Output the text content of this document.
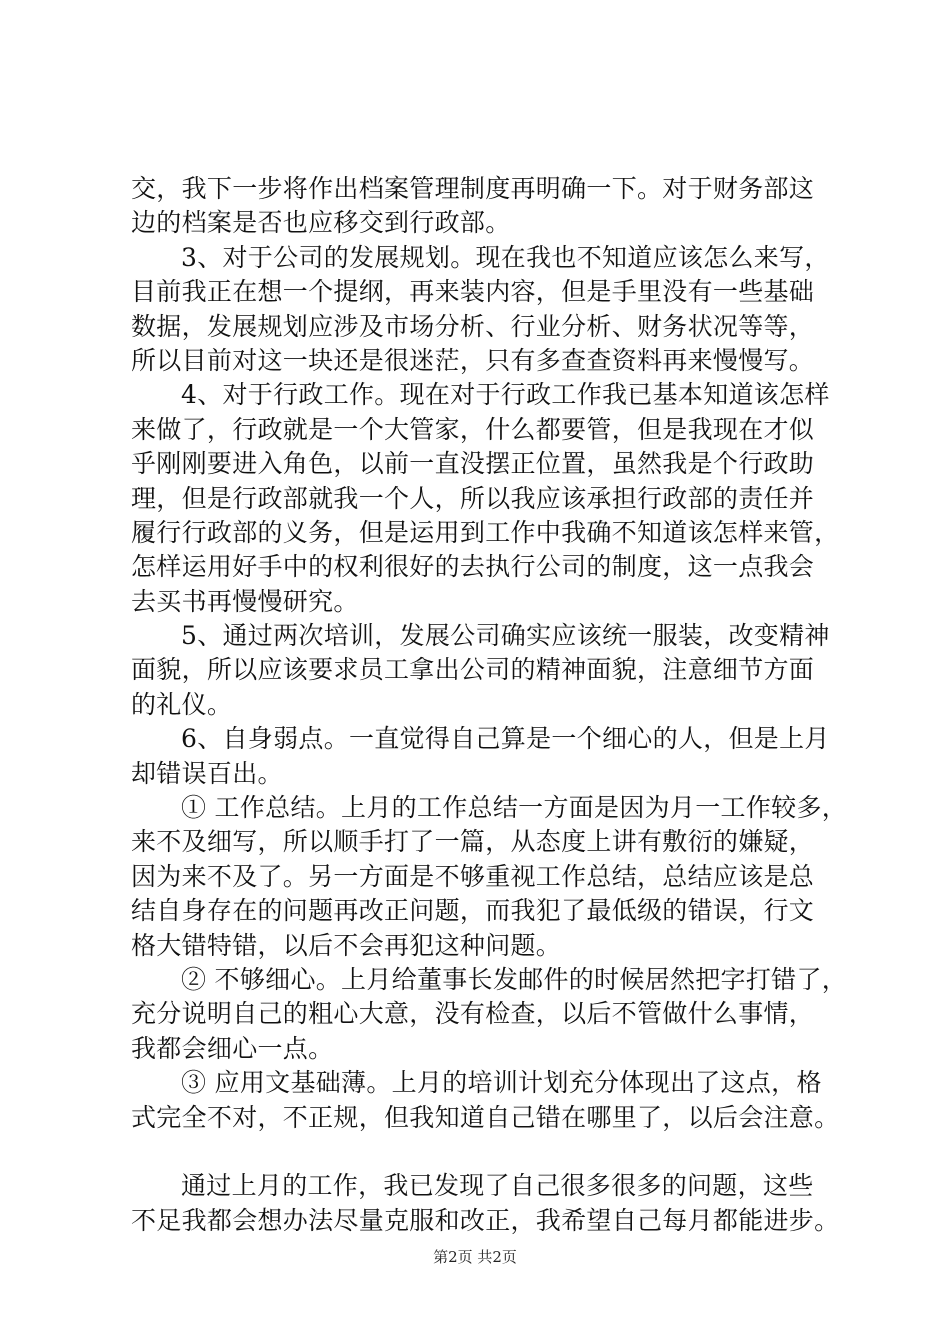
交，我下一步将作出档案管理制度再明确一下。对于财务部这
边的档案是否也应移交到行政部。
3、对于公司的发展规划。现在我也不知道应该怎么来写，
目前我正在想一个提纲，再来装内容，但是手里没有一些基础
数据，发展规划应涉及市场分析、行业分析、财务状况等等，
所以目前对这一块还是很迷茫，只有多查查资料再来慢慢写。
4、对于行政工作。现在对于行政工作我已基本知道该怎样
来做了，行政就是一个大管家，什么都要管，但是我现在才似
乎刚刚要进入角色，以前一直没摆正位置，虽然我是个行政助
理，但是行政部就我一个人，所以我应该承担行政部的责任并
履行行政部的义务，但是运用到工作中我确不知道该怎样来管，
怎样运用好手中的权利很好的去执行公司的制度，这一点我会
去买书再慢慢研究。
5、通过两次培训，发展公司确实应该统一服装，改变精神
面貌，所以应该要求员工拿出公司的精神面貌，注意细节方面
的礼仪。
6、自身弱点。一直觉得自己算是一个细心的人，但是上月
却错误百出。
① 工作总结。上月的工作总结一方面是因为月一工作较多，
来不及细写，所以顺手打了一篇，从态度上讲有敷衍的嫌疑，
因为来不及了。另一方面是不够重视工作总结，总结应该是总
结自身存在的问题再改正问题，而我犯了最低级的错误，行文
格大错特错，以后不会再犯这种问题。
② 不够细心。上月给董事长发邮件的时候居然把字打错了，
充分说明自己的粗心大意，没有检查，以后不管做什么事情，
我都会细心一点。
③ 应用文基础薄。上月的培训计划充分体现出了这点，格
式完全不对，不正规，但我知道自己错在哪里了，以后会注意。
通过上月的工作，我已发现了自己很多很多的问题，这些
不足我都会想办法尽量克服和改正，我希望自己每月都能进步。
第2页 共2页
